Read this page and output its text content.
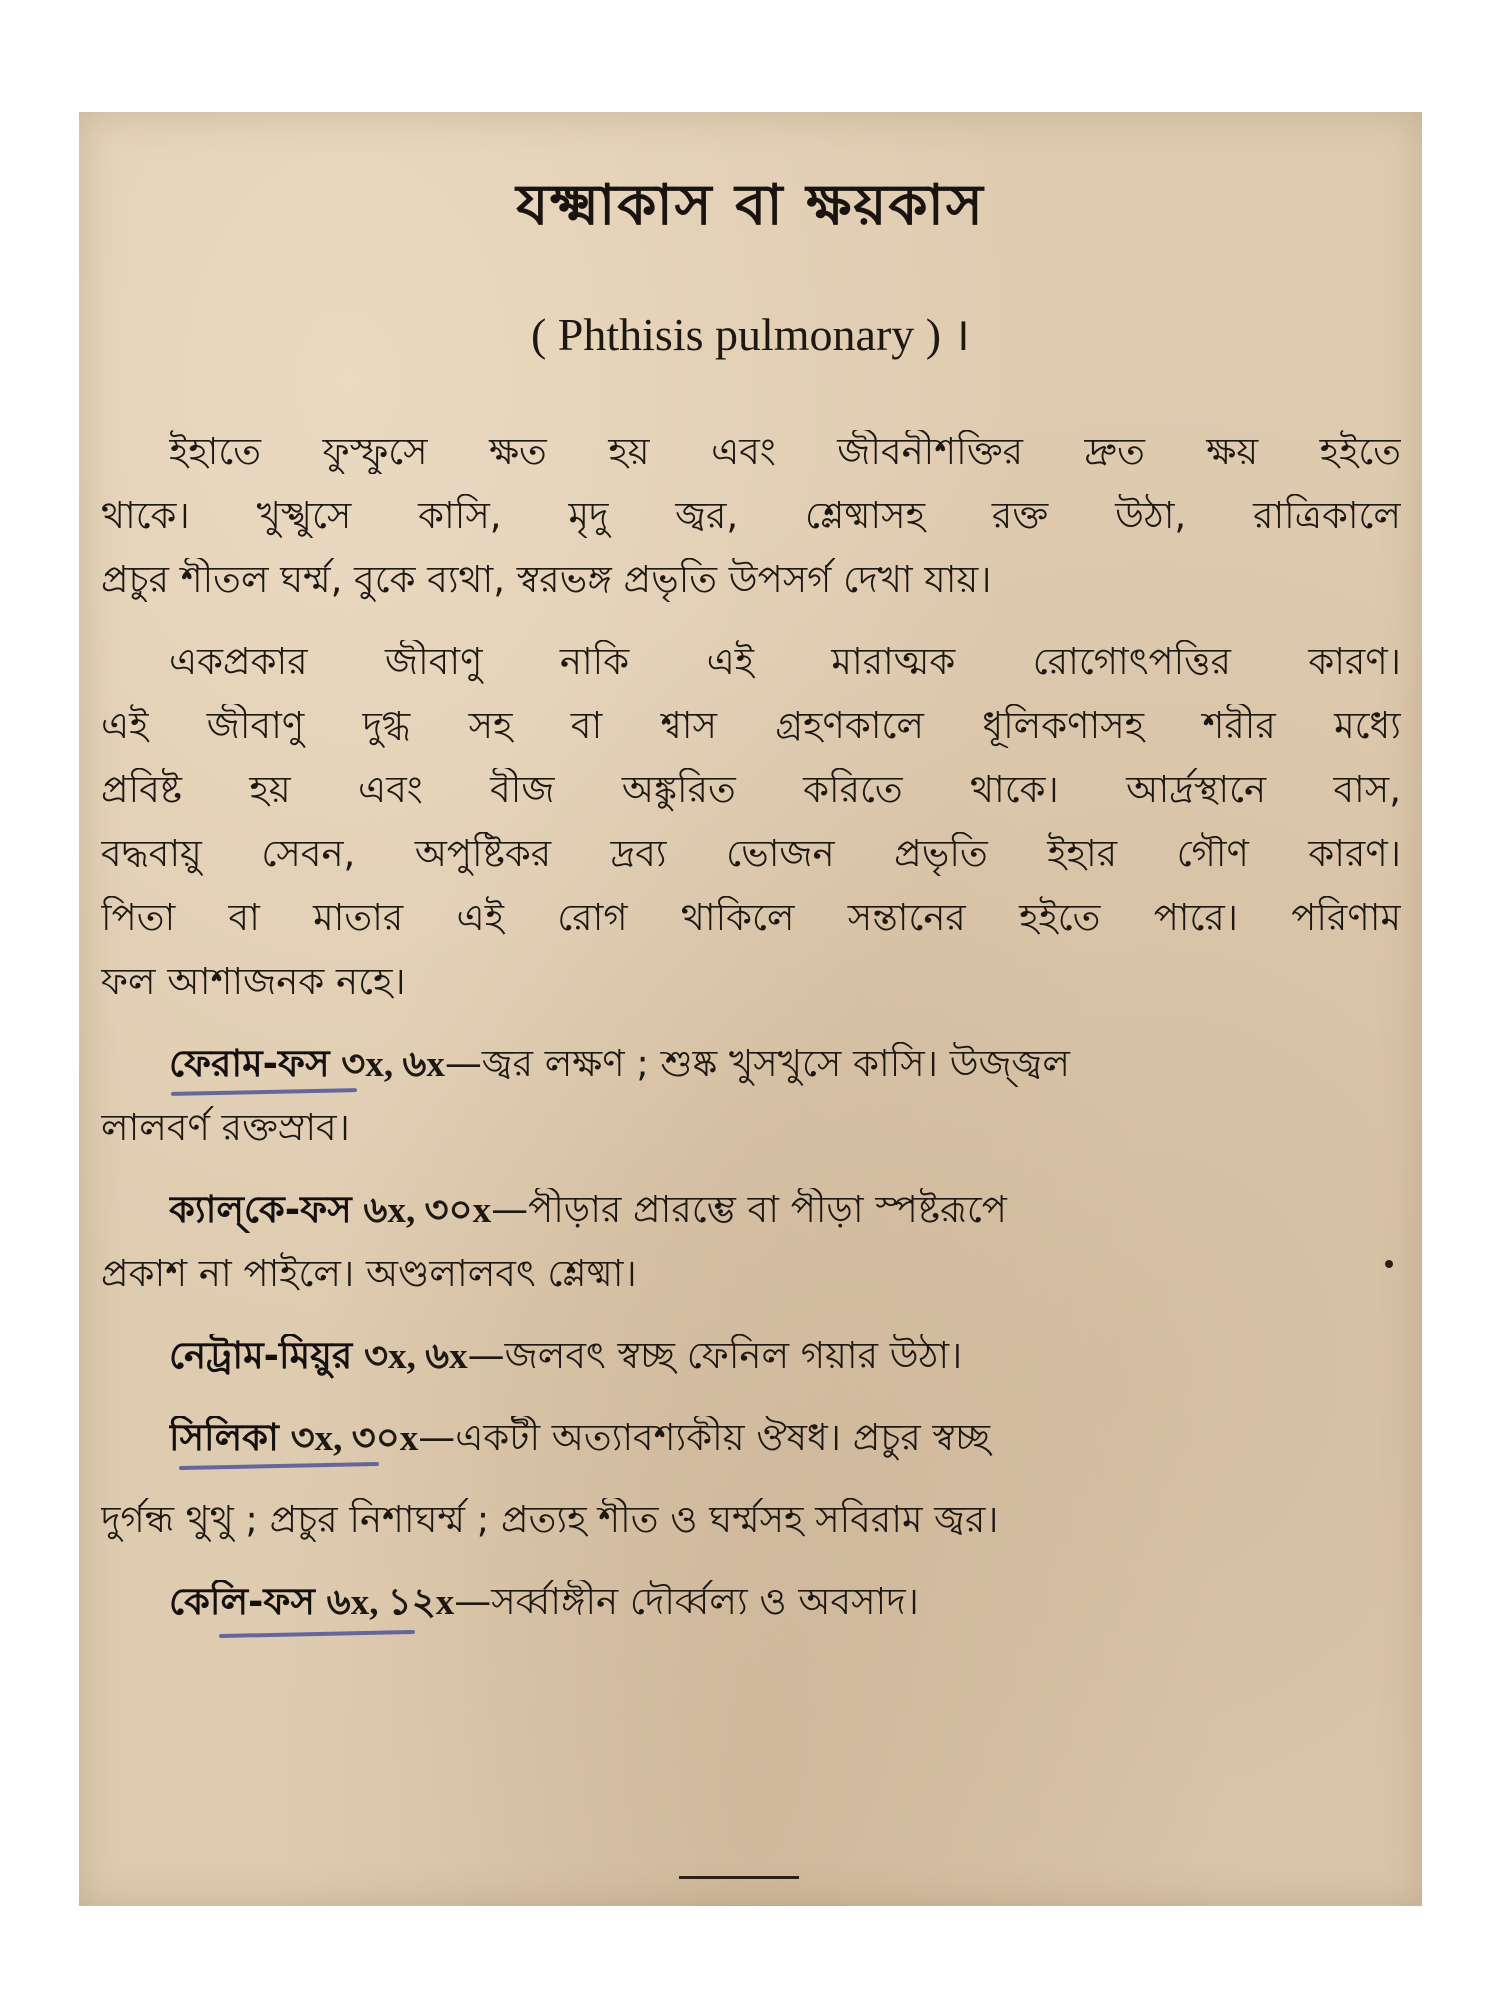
যক্ষ্মাকাস বা ক্ষয়কাস
( Phthisis pulmonary ) ।
ইহাতে ফুস্ফুসে ক্ষত হয় এবং জীবনীশক্তির দ্রুত ক্ষয় হইতে
থাকে। খুস্খুসে কাসি, মৃদু জ্বর, শ্লেষ্মাসহ রক্ত উঠা, রাত্রিকালে
প্রচুর শীতল ঘর্ম্ম, বুকে ব্যথা, স্বরভঙ্গ প্রভৃতি উপসর্গ দেখা যায়।
একপ্রকার জীবাণু নাকি এই মারাত্মক রোগোৎপত্তির কারণ।
এই জীবাণু দুগ্ধ সহ বা শ্বাস গ্রহণকালে ধূলিকণাসহ শরীর মধ্যে
প্রবিষ্ট হয় এবং বীজ অঙ্কুরিত করিতে থাকে। আর্দ্রস্থানে বাস,
বদ্ধবায়ু সেবন, অপুষ্টিকর দ্রব্য ভোজন প্রভৃতি ইহার গৌণ কারণ।
পিতা বা মাতার এই রোগ থাকিলে সন্তানের হইতে পারে। পরিণাম
ফল আশাজনক নহে।
ফেরাম-ফস ৩x, ৬x—জ্বর লক্ষণ ; শুষ্ক খুসখুসে কাসি। উজ্জ্বল
লালবর্ণ রক্তস্রাব।
ক্যাল্‌কে-ফস ৬x, ৩০x—পীড়ার প্রারম্ভে বা পীড়া স্পষ্টরূপে
প্রকাশ না পাইলে। অণ্ডলালবৎ শ্লেষ্মা।
নেট্রাম-মিয়ুর ৩x, ৬x—জলবৎ স্বচ্ছ ফেনিল গয়ার উঠা।
সিলিকা ৩x, ৩০x—একটী অত্যাবশ্যকীয় ঔষধ। প্রচুর স্বচ্ছ
দুর্গন্ধ থুথু ; প্রচুর নিশাঘর্ম্ম ; প্রত্যহ শীত ও ঘর্ম্মসহ সবিরাম জ্বর।
কেলি-ফস ৬x, ১২x—সর্ব্বাঙ্গীন দৌর্ব্বল্য ও অবসাদ।
